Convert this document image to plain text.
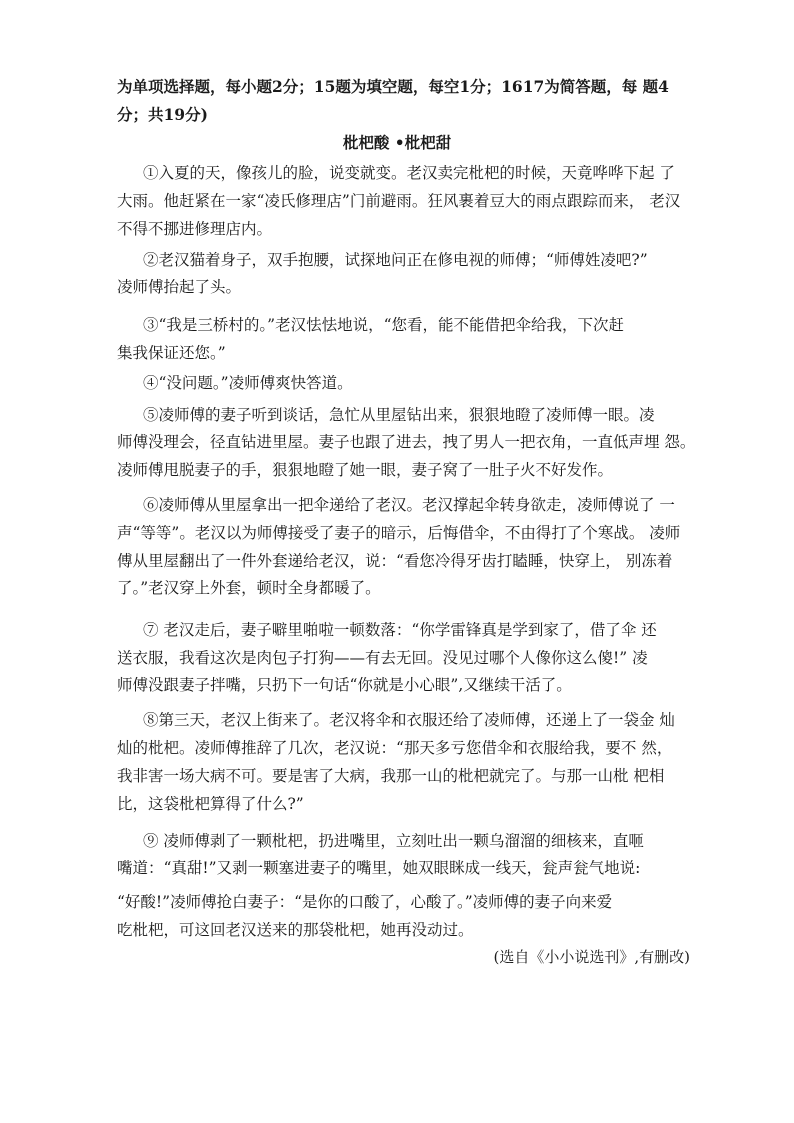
为单项选择题，每小题2分；15题为填空题，每空1分；1617为简答题，每 题4
分；共19分)
枇杷酸 •枇杷甜
①入夏的天，像孩儿的脸，说变就变。老汉卖完枇杷的时候，天竟哗哗下起 了
大雨。他赶紧在一家“凌氏修理店”门前避雨。狂风裹着豆大的雨点跟踪而来， 老汉
不得不挪进修理店内。
②老汉猫着身子，双手抱腰，试探地问正在修电视的师傅；“师傅姓凌吧?”
凌师傅抬起了头。
③“我是三桥村的。”老汉怯怯地说，“您看，能不能借把伞给我，下次赶
集我保证还您。”
④“没问题。”凌师傅爽快答道。
⑤凌师傅的妻子听到谈话，急忙从里屋钻出来，狠狠地瞪了凌师傅一眼。凌
师傅没理会，径直钻进里屋。妻子也跟了进去，拽了男人一把衣角，一直低声埋 怨。
凌师傅甩脱妻子的手，狠狠地瞪了她一眼，妻子窝了一肚子火不好发作。
⑥凌师傅从里屋拿出一把伞递给了老汉。老汉撑起伞转身欲走，凌师傅说了 一
声“等等”。老汉以为师傅接受了妻子的暗示，后悔借伞，不由得打了个寒战。 凌师
傅从里屋翻出了一件外套递给老汉，说：“看您冷得牙齿打瞌睡，快穿上， 别冻着
了。”老汉穿上外套，顿时全身都暖了。
⑦ 老汉走后，妻子噼里啪啦一顿数落：“你学雷锋真是学到家了，借了伞 还
送衣服，我看这次是肉包子打狗——有去无回。没见过哪个人像你这么傻!” 凌
师傅没跟妻子拌嘴，只扔下一句话“你就是小心眼”,又继续干活了。
⑧第三天，老汉上街来了。老汉将伞和衣服还给了凌师傅，还递上了一袋金 灿
灿的枇杷。凌师傅推辞了几次，老汉说：“那天多亏您借伞和衣服给我，要不 然，
我非害一场大病不可。要是害了大病，我那一山的枇杷就完了。与那一山枇 杷相
比，这袋枇杷算得了什么?”
⑨ 凌师傅剥了一颗枇杷，扔进嘴里，立刻吐出一颗乌溜溜的细核来，直咂
嘴道：“真甜!”又剥一颗塞进妻子的嘴里，她双眼眯成一线天，瓮声瓮气地说:
“好酸!”凌师傅抢白妻子：“是你的口酸了，心酸了。”凌师傅的妻子向来爱
吃枇杷，可这回老汉送来的那袋枇杷，她再没动过。
(选自《小小说选刊》,有删改)
